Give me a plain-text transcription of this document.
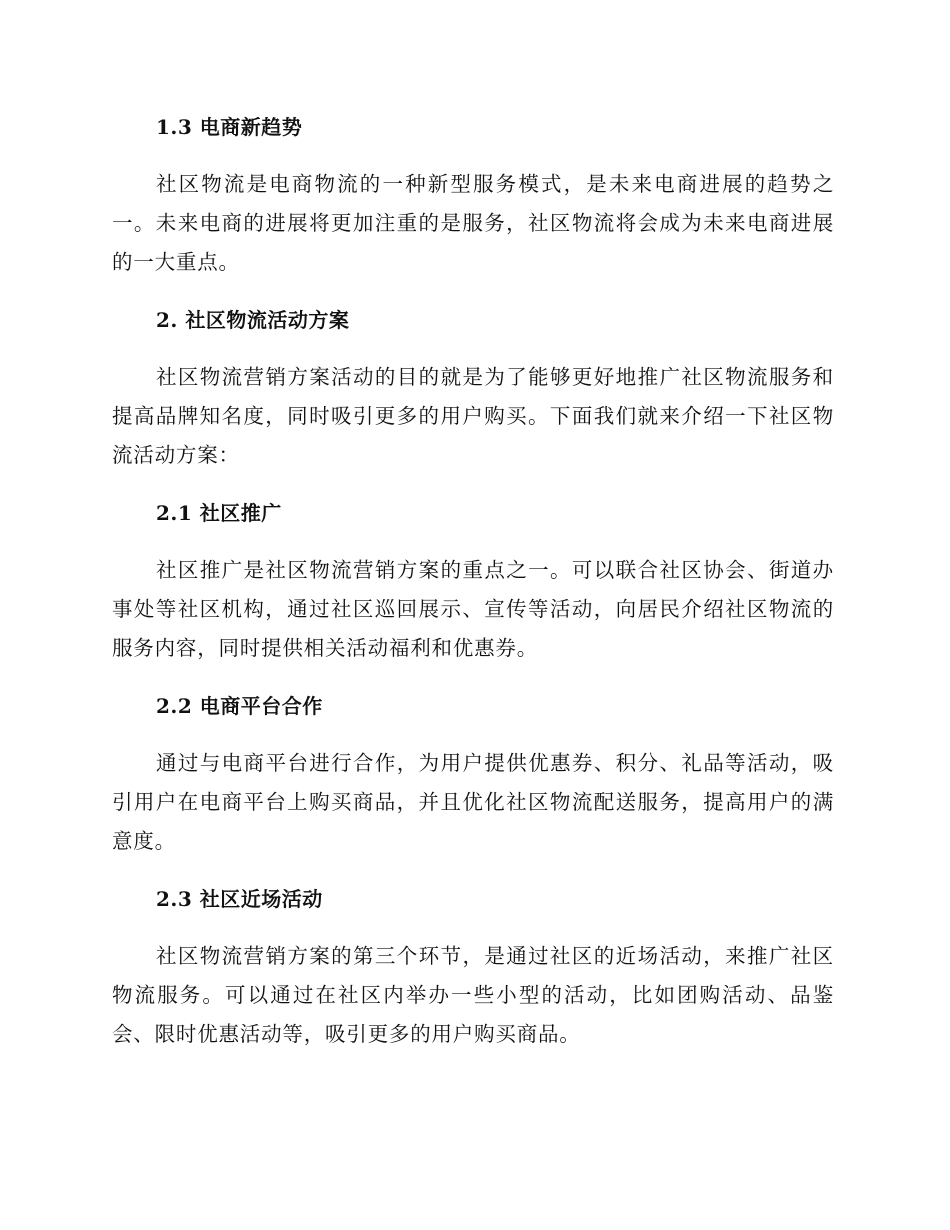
1.3 电商新趋势

社区物流是电商物流的一种新型服务模式，是未来电商进展的趋势之一。未来电商的进展将更加注重的是服务，社区物流将会成为未来电商进展的一大重点。

2. 社区物流活动方案

社区物流营销方案活动的目的就是为了能够更好地推广社区物流服务和提高品牌知名度，同时吸引更多的用户购买。下面我们就来介绍一下社区物流活动方案：

2.1 社区推广

社区推广是社区物流营销方案的重点之一。可以联合社区协会、街道办事处等社区机构，通过社区巡回展示、宣传等活动，向居民介绍社区物流的服务内容，同时提供相关活动福利和优惠券。

2.2 电商平台合作

通过与电商平台进行合作，为用户提供优惠券、积分、礼品等活动，吸引用户在电商平台上购买商品，并且优化社区物流配送服务，提高用户的满意度。

2.3 社区近场活动

社区物流营销方案的第三个环节，是通过社区的近场活动，来推广社区物流服务。可以通过在社区内举办一些小型的活动，比如团购活动、品鉴会、限时优惠活动等，吸引更多的用户购买商品。
